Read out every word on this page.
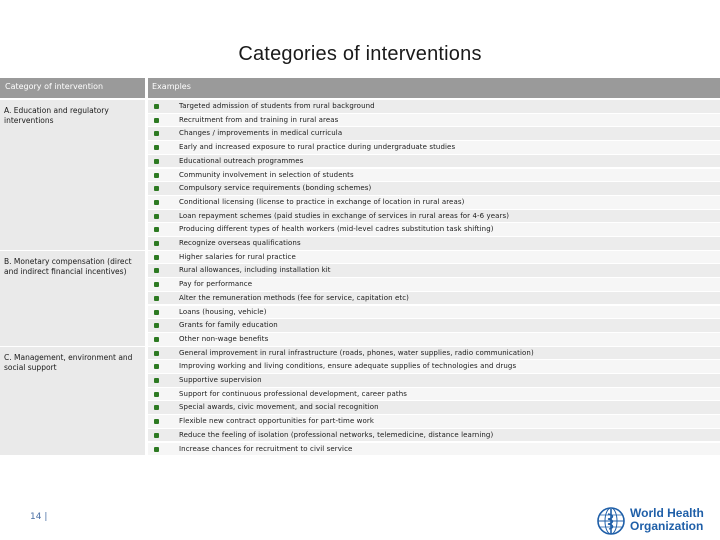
Categories of interventions
Category of intervention	Examples
A. Education and regulatory interventions
Targeted admission of students from rural background
Recruitment from and training in rural areas
Changes / improvements in medical curricula
Early and increased exposure to rural practice during undergraduate studies
Educational outreach programmes
Community involvement in selection of students
Compulsory service requirements (bonding schemes)
Conditional licensing (license to practice in exchange of location in rural areas)
Loan repayment schemes (paid studies in exchange of services in rural areas for 4-6 years)
Producing different types of health workers (mid-level cadres substitution task shifting)
Recognize overseas qualifications
B. Monetary compensation (direct and indirect financial incentives)
Higher salaries for rural practice
Rural allowances, including installation kit
Pay for performance
Alter the remuneration methods (fee for service, capitation etc)
Loans (housing, vehicle)
Grants for family education
Other non-wage benefits
C. Management, environment and social support
General improvement in rural infrastructure (roads, phones, water supplies, radio communication)
Improving working and living conditions, ensure adequate supplies of technologies and drugs
Supportive supervision
Support for continuous professional development, career paths
Special awards, civic movement, and social recognition
Flexible new contract opportunities for part-time work
Reduce the feeling of isolation (professional networks, telemedicine, distance learning)
Increase chances for recruitment to civil service
14 |	World Health
Organization
